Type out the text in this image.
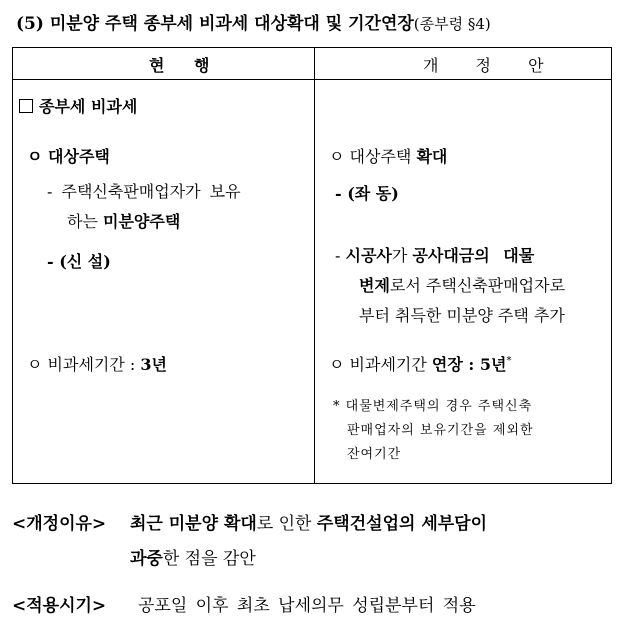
(5) 미분양 주택 종부세 비과세 대상확대 및 기간연장(종부령 §4)
현 행	개 정 안
종부세 비과세
ㅇ 대상주택
- 주택신축판매업자가 보유
하는 미분양주택
- (신 설)
ㅇ 비과세기간 : 3년
ㅇ 대상주택 확대
- (좌 동)
- 시공사가 공사대금의 대물
변제로서 주택신축판매업자로
부터 취득한 미분양 주택 추가
ㅇ 비과세기간 연장 : 5년*
* 대물변제주택의 경우 주택신축
판매업자의 보유기간을 제외한
잔여기간
<개정이유> 최근 미분양 확대로 인한 주택건설업의 세부담이
과중한 점을 감안
<적용시기> 공포일 이후 최초 납세의무 성립분부터 적용
